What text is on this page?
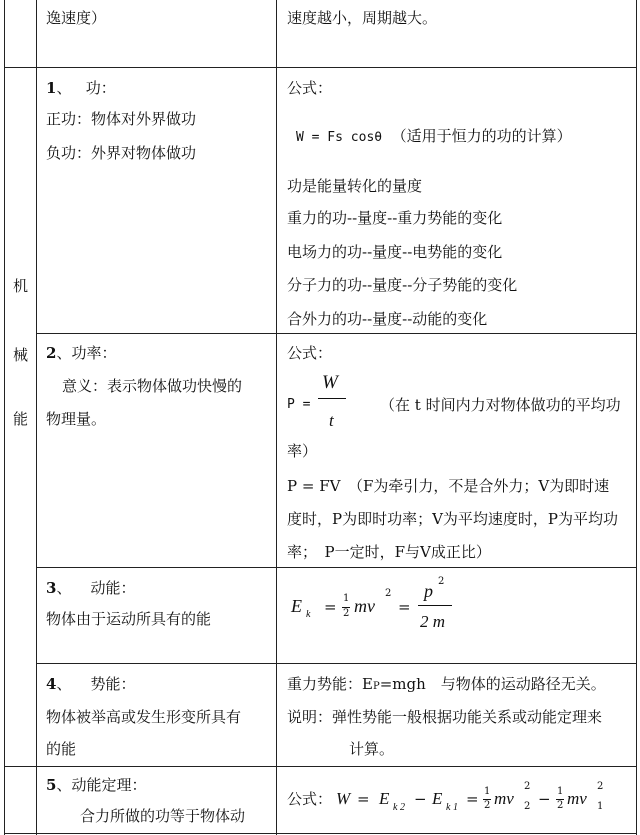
逸速度）	速度越小，周期越大。
机
械
能
1、 功：
正功：物体对外界做功
负功：外界对物体做功
公式：
W = Fs cosθ （适用于恒力的功的计算）
功是能量转化的量度
重力的功--量度--重力势能的变化
电场力的功--量度--电势能的变化
分子力的功--量度--分子势能的变化
合外力的功--量度--动能的变化
2、功率：
意义：表示物体做功快慢的
物理量。
公式：
P =
W
t
（在 t 时间内力对物体做功的平均功
率）
P = FV　（F为牵引力，不是合外力；V为即时速
度时，P为即时功率；V为平均速度时，P为平均功
率；　P一定时，F与V成正比）
3、 动能：
物体由于运动所具有的能
E k = 1
2 mv
2
=
p 2
2 m
4、 势能：
物体被举高或发生形变所具有
的能
重力势能：EP=mgh　与物体的运动路径无关。
说明：弹性势能一般根据功能关系或动能定理来
计算。
5、动能定理：
合力所做的功等于物体动
公式： W = E k 2 − E k 1 = 1
2 mv
2
2 − 1
2 mv
2
1
